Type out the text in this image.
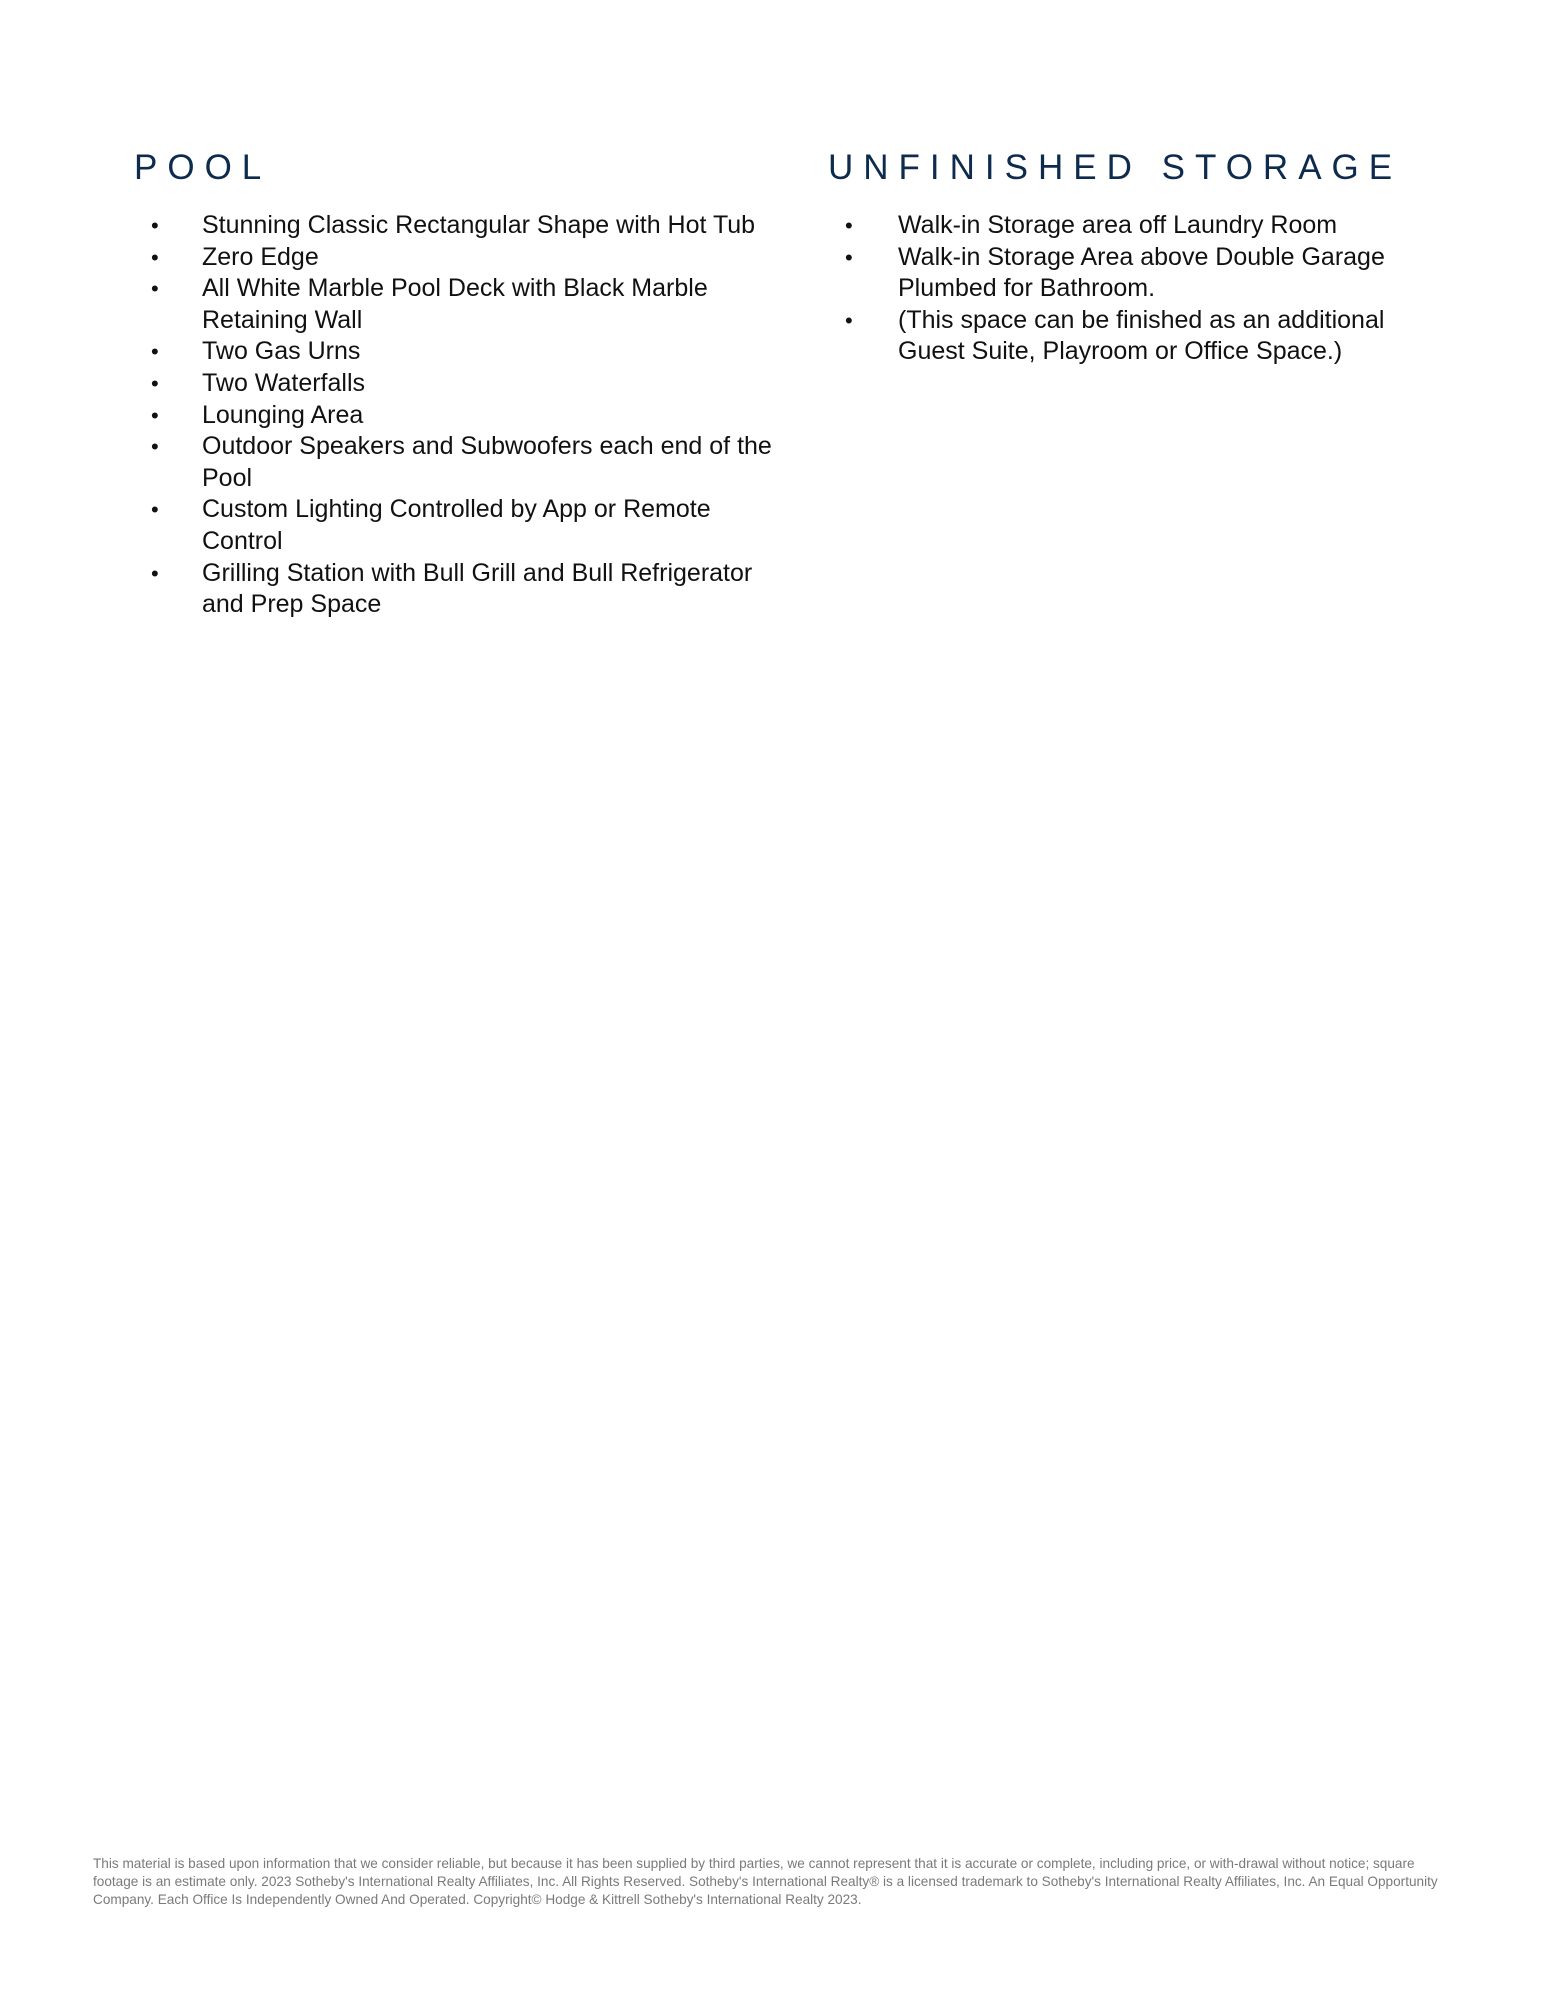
POOL
• Stunning Classic Rectangular Shape with Hot Tub
• Zero Edge
• All White Marble Pool Deck with Black Marble Retaining Wall
• Two Gas Urns
• Two Waterfalls
• Lounging Area
• Outdoor Speakers and Subwoofers each end of the Pool
• Custom Lighting Controlled by App or Remote Control
• Grilling Station with Bull Grill and Bull Refrigerator and Prep Space
UNFINISHED STORAGE
• Walk-in Storage area off Laundry Room
• Walk-in Storage Area above Double Garage Plumbed for Bathroom.
• (This space can be finished as an additional Guest Suite, Playroom or Office Space.)

This material is based upon information that we consider reliable, but because it has been supplied by third parties, we cannot represent that it is accurate or complete, including price, or with-drawal without notice; square footage is an estimate only. 2023 Sotheby's International Realty Affiliates, Inc. All Rights Reserved. Sotheby's International Realty® is a licensed trademark to Sotheby's International Realty Affiliates, Inc. An Equal Opportunity Company. Each Office Is Independently Owned And Operated. Copyright© Hodge & Kittrell Sotheby's International Realty 2023.
